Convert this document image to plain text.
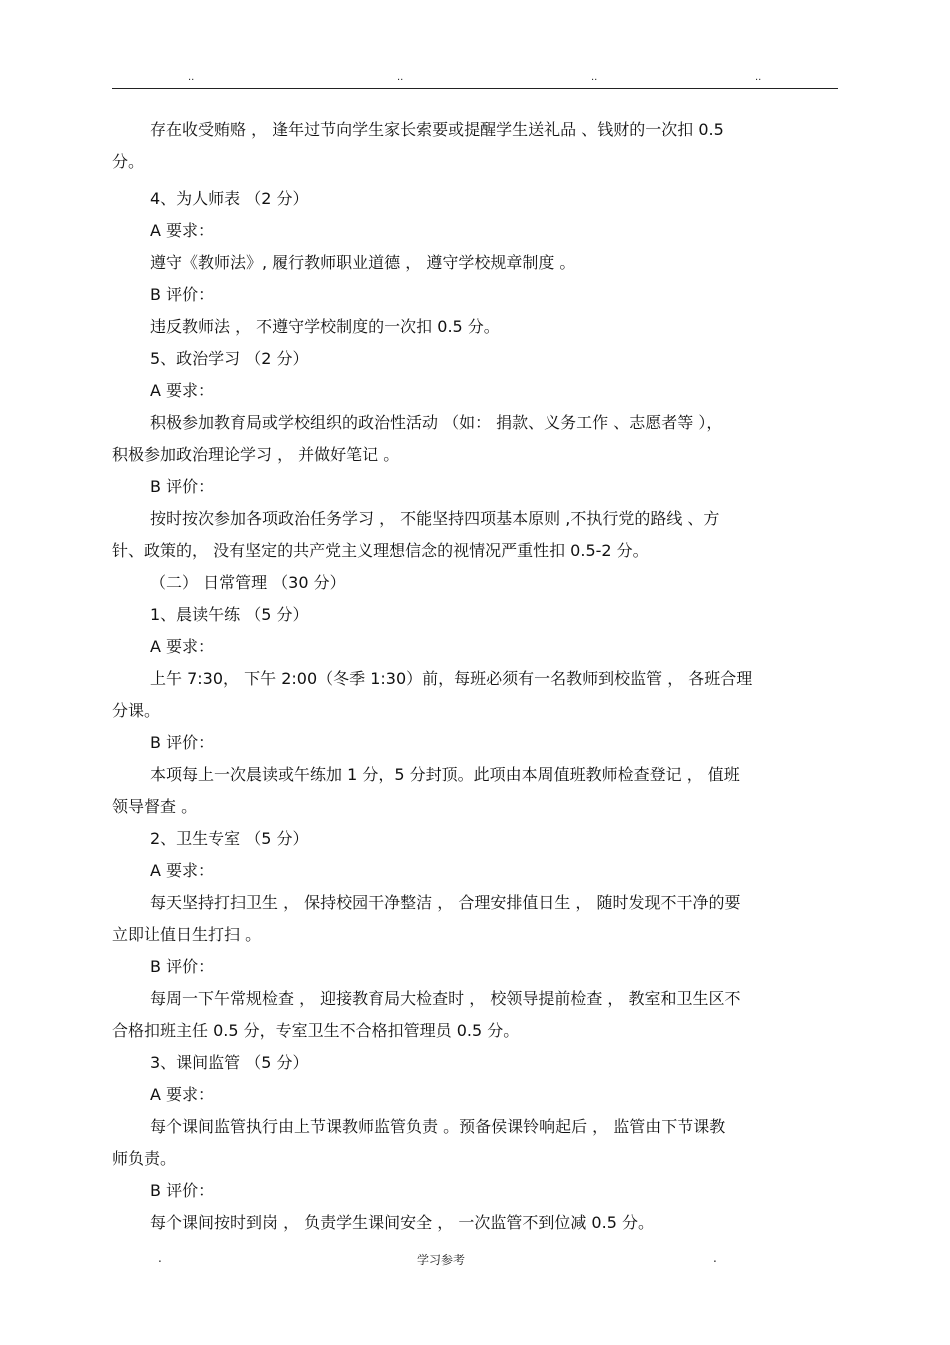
..	..	..	..
存在收受贿赂 ， 逢年过节向学生家长索要或提醒学生送礼品 、钱财的一次扣 0.5
分。
4、为人师表 （2 分）
A 要求：
遵守《教师法》, 履行教师职业道德 ， 遵守学校规章制度 。
B 评价：
违反教师法 ， 不遵守学校制度的一次扣 0.5 分。
5、政治学习 （2 分）
A 要求：
积极参加教育局或学校组织的政治性活动 （如： 捐款、义务工作 、志愿者等 ），
积极参加政治理论学习 ， 并做好笔记 。
B 评价：
按时按次参加各项政治任务学习 ， 不能坚持四项基本原则 ,不执行党的路线 、方
针、政策的， 没有坚定的共产党主义理想信念的视情况严重性扣 0.5-2 分。
（二） 日常管理 （30 分）
1、晨读午练 （5 分）
A 要求：
上午 7:30， 下午 2:00（冬季 1:30）前，每班必须有一名教师到校监管 ， 各班合理
分课。
B 评价：
本项每上一次晨读或午练加 1 分，5 分封顶。此项由本周值班教师检查登记 ， 值班
领导督查 。
2、卫生专室 （5 分）
A 要求：
每天坚持打扫卫生 ， 保持校园干净整洁 ， 合理安排值日生 ， 随时发现不干净的要
立即让值日生打扫 。
B 评价：
每周一下午常规检查 ， 迎接教育局大检查时 ， 校领导提前检查 ， 教室和卫生区不
合格扣班主任 0.5 分，专室卫生不合格扣管理员 0.5 分。
3、课间监管 （5 分）
A 要求：
每个课间监管执行由上节课教师监管负责 。预备侯课铃响起后 ， 监管由下节课教
师负责。
B 评价：
每个课间按时到岗 ， 负责学生课间安全 ， 一次监管不到位减 0.5 分。
.	学习参考	.
